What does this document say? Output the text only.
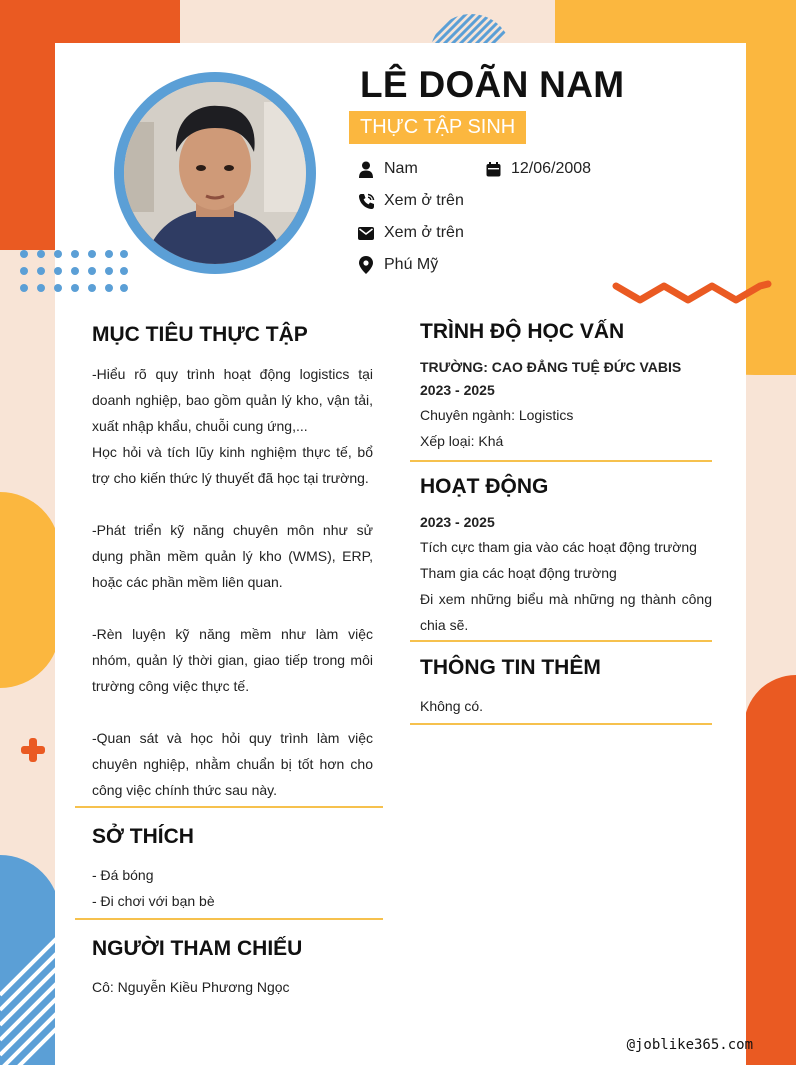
LÊ DOÃN NAM
THỰC TẬP SINH
Nam	12/06/2008
Xem ở trên
Xem ở trên
Phú Mỹ
MỤC TIÊU THỰC TẬP
-Hiểu rõ quy trình hoạt động logistics tại doanh nghiệp, bao gồm quản lý kho, vận tải, xuất nhập khẩu, chuỗi cung ứng,...
Học hỏi và tích lũy kinh nghiệm thực tế, bổ trợ cho kiến thức lý thuyết đã học tại trường.
-Phát triển kỹ năng chuyên môn như sử dụng phần mềm quản lý kho (WMS), ERP, hoặc các phần mềm liên quan.
-Rèn luyện kỹ năng mềm như làm việc nhóm, quản lý thời gian, giao tiếp trong môi trường công việc thực tế.
-Quan sát và học hỏi quy trình làm việc chuyên nghiệp, nhằm chuẩn bị tốt hơn cho công việc chính thức sau này.
SỞ THÍCH
- Đá bóng
- Đi chơi với bạn bè
NGƯỜI THAM CHIẾU
Cô: Nguyễn Kiều Phương Ngọc
TRÌNH ĐỘ HỌC VẤN
TRƯỜNG: CAO ĐẲNG TUỆ ĐỨC VABIS
2023 - 2025
Chuyên ngành: Logistics
Xếp loại: Khá
HOẠT ĐỘNG
2023 - 2025
Tích cực tham gia vào các hoạt động trường
Tham gia các hoạt động trường
Đi xem những biểu mà những ng thành công chia sẽ.
THÔNG TIN THÊM
Không có.
@joblike365.com
